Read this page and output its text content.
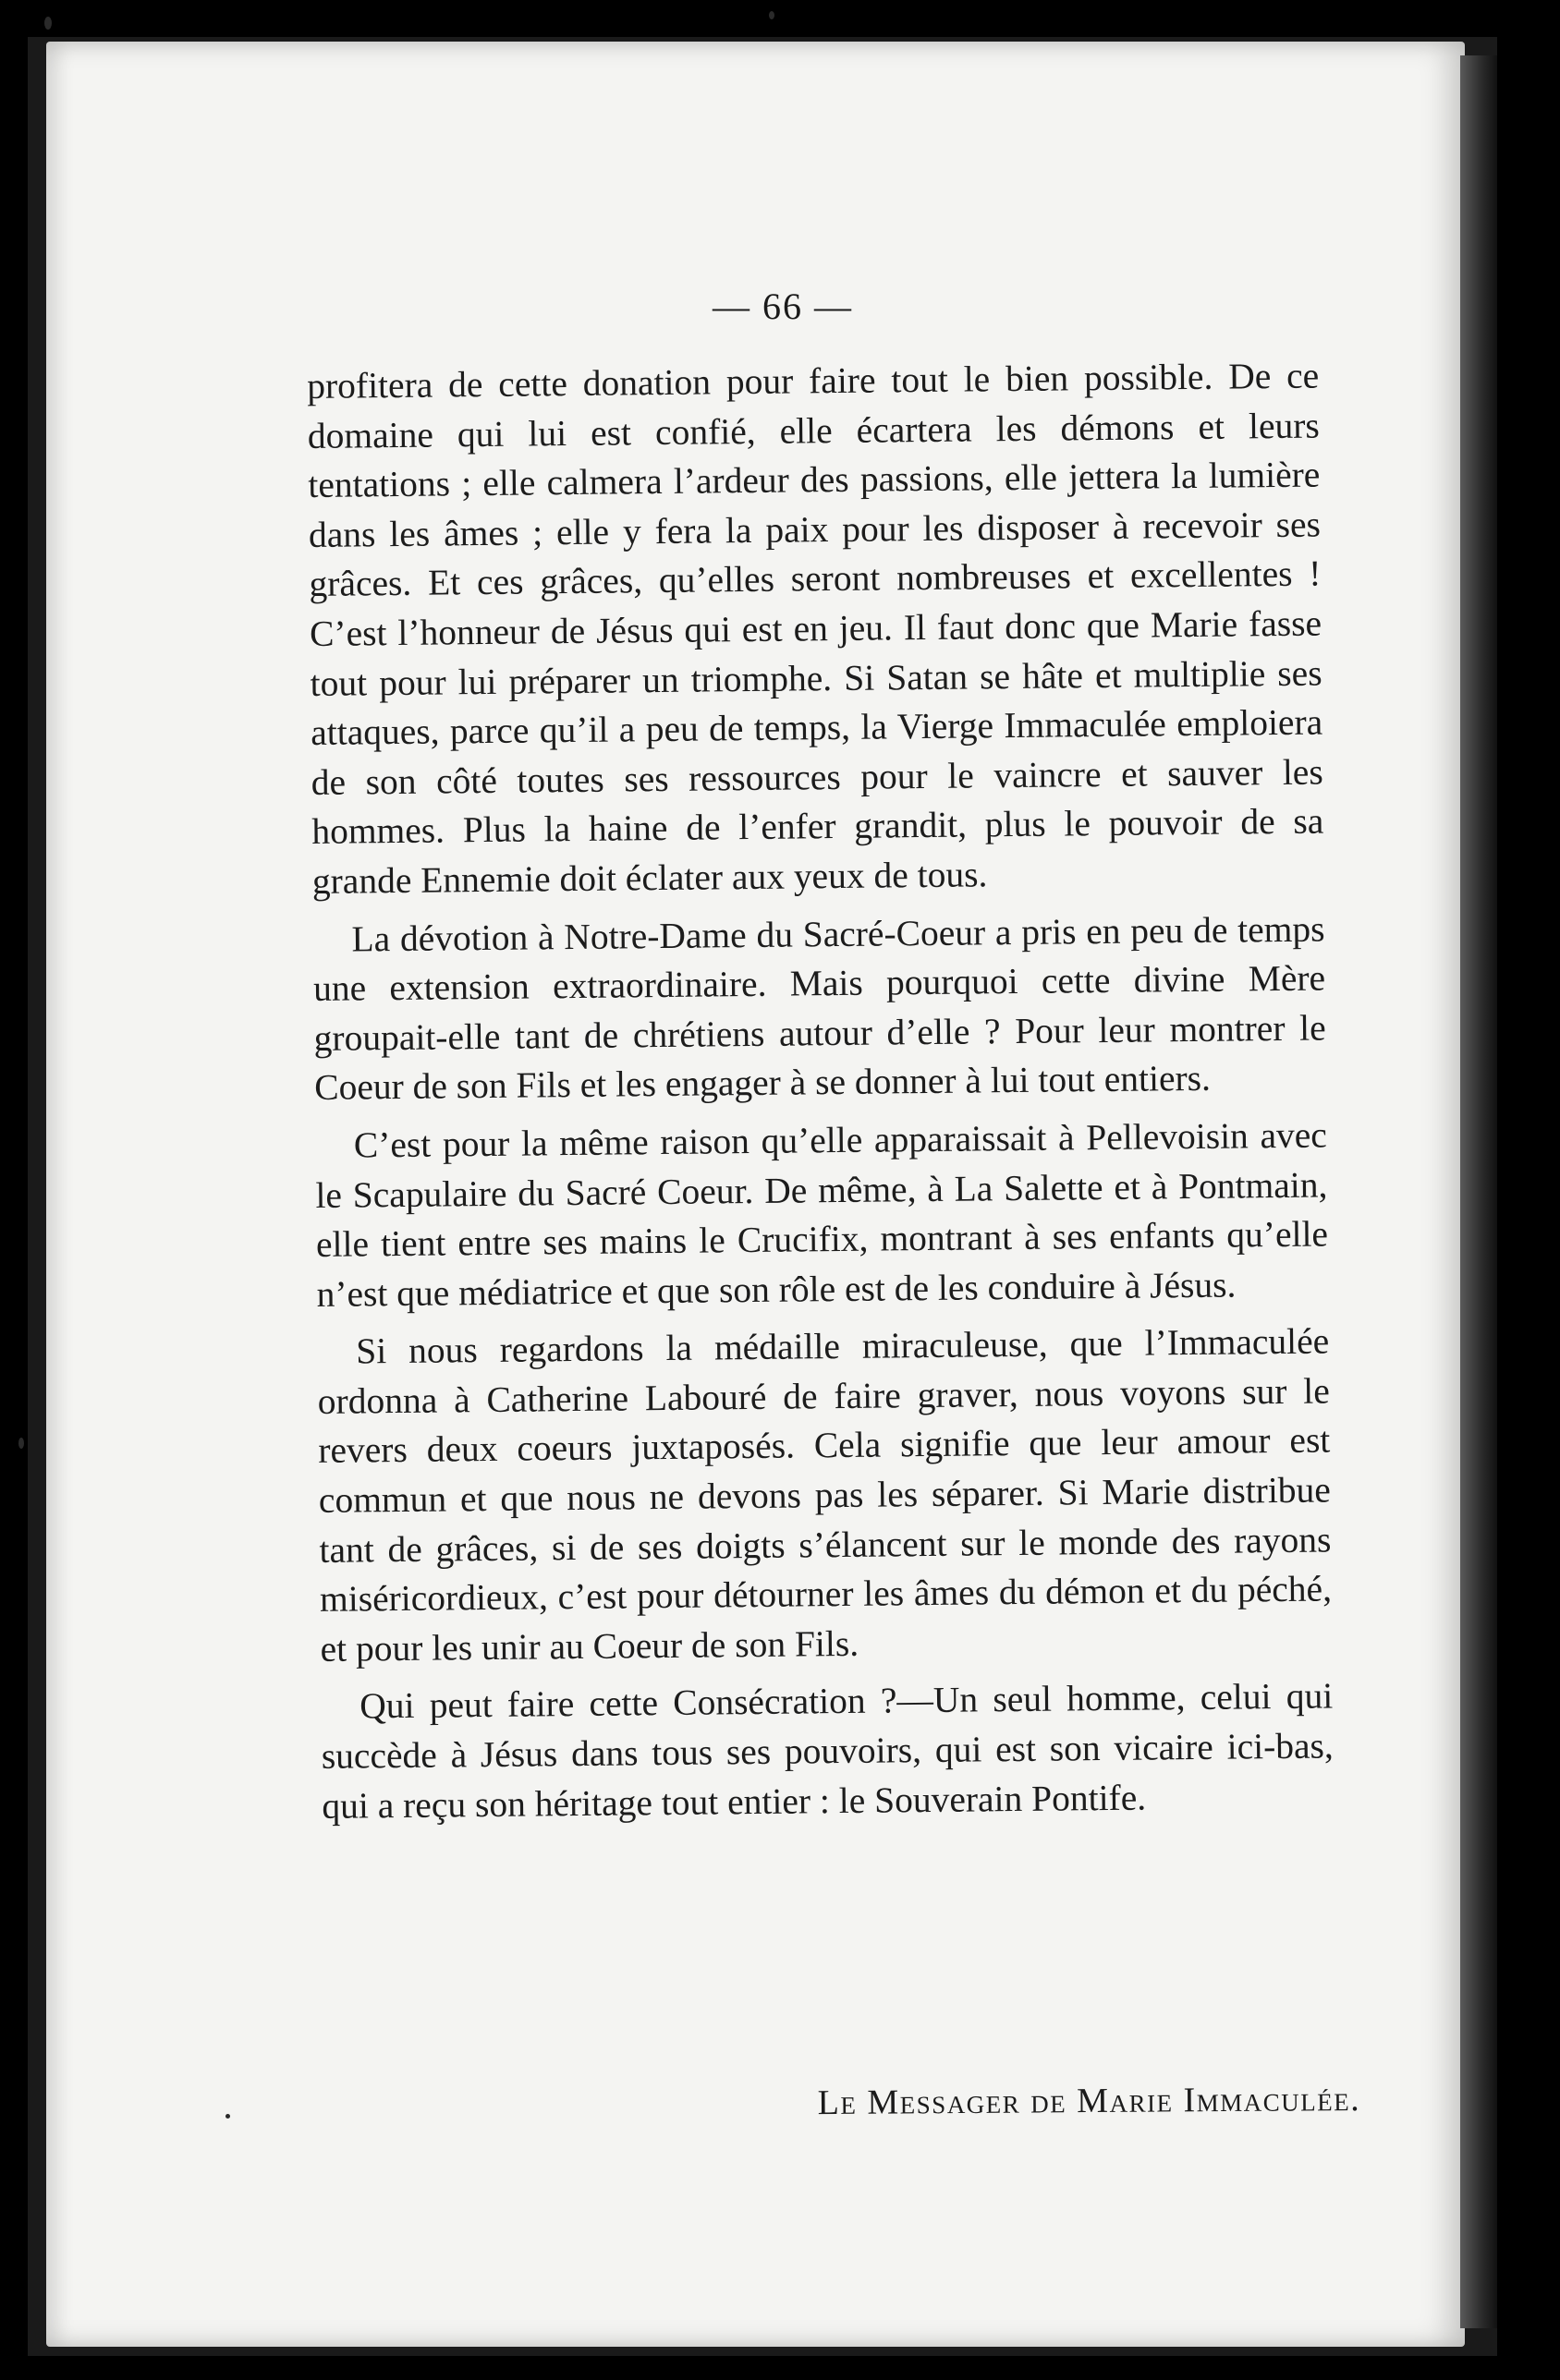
— 66 —

profitera de cette donation pour faire tout le bien possible. De ce domaine qui lui est confié, elle écartera les démons et leurs tentations ; elle calmera l’ardeur des passions, elle jettera la lumière dans les âmes ; elle y fera la paix pour les disposer à recevoir ses grâces. Et ces grâces, qu’elles seront nombreuses et excellentes ! C’est l’honneur de Jésus qui est en jeu. Il faut donc que Marie fasse tout pour lui préparer un triomphe. Si Satan se hâte et multiplie ses attaques, parce qu’il a peu de temps, la Vierge Immaculée emploiera de son côté toutes ses ressources pour le vaincre et sauver les hommes. Plus la haine de l’enfer grandit, plus le pouvoir de sa grande Ennemie doit éclater aux yeux de tous.

La dévotion à Notre-Dame du Sacré-Coeur a pris en peu de temps une extension extraordinaire. Mais pourquoi cette divine Mère groupait-elle tant de chrétiens autour d’elle ? Pour leur montrer le Coeur de son Fils et les engager à se donner à lui tout entiers.

C’est pour la même raison qu’elle apparaissait à Pellevoisin avec le Scapulaire du Sacré Coeur. De même, à La Salette et à Pontmain, elle tient entre ses mains le Crucifix, montrant à ses enfants qu’elle n’est que médiatrice et que son rôle est de les conduire à Jésus.

Si nous regardons la médaille miraculeuse, que l’Immaculée ordonna à Catherine Labouré de faire graver, nous voyons sur le revers deux coeurs juxtaposés. Cela signifie que leur amour est commun et que nous ne devons pas les séparer. Si Marie distribue tant de grâces, si de ses doigts s’élancent sur le monde des rayons miséricordieux, c’est pour détourner les âmes du démon et du péché, et pour les unir au Coeur de son Fils.

Qui peut faire cette Consécration ?—Un seul homme, celui qui succède à Jésus dans tous ses pouvoirs, qui est son vicaire ici-bas, qui a reçu son héritage tout entier : le Souverain Pontife.

Le Messager de Marie Immaculée.
